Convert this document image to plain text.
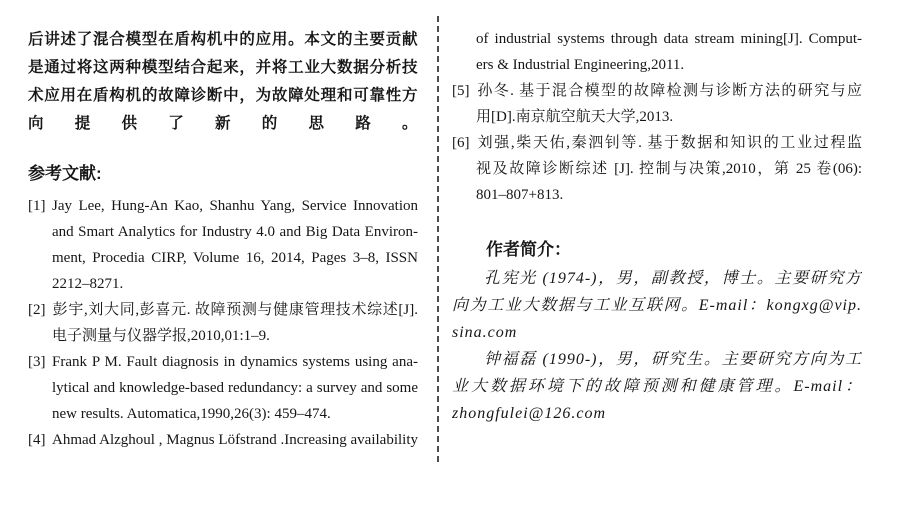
后讲述了混合模型在盾构机中的应用。本文的主要贡献
是通过将这两种模型结合起来，并将工业大数据分析技
术应用在盾构机的故障诊断中，为故障处理和可靠性方
向提供了新的思路。
参考文献:
[1] Jay Lee, Hung-An Kao, Shanhu Yang, Service Innovation
and Smart Analytics for Industry 4.0 and Big Data Environ-
ment, Procedia CIRP, Volume 16, 2014, Pages 3–8, ISSN
2212–8271.
[2] 彭宇,刘大同,彭喜元. 故障预测与健康管理技术综述[J].
电子测量与仪器学报,2010,01:1–9.
[3] Frank P M. Fault diagnosis in dynamics systems using ana-
lytical and knowledge-based redundancy: a survey and some
new results. Automatica,1990,26(3): 459–474.
[4] Ahmad Alzghoul , Magnus Löfstrand .Increasing availability
of industrial systems through data stream mining[J]. Comput-
ers & Industrial Engineering,2011.
[5] 孙冬. 基于混合模型的故障检测与诊断方法的研究与应
用[D].南京航空航天大学,2013.
[6] 刘强,柴天佑,秦泗钊等. 基于数据和知识的工业过程监
视及故障诊断综述 [J]. 控制与决策,2010，第 25 卷(06):
801–807+813.
作者简介：
孔宪光 (1974-)，男，副教授，博士。主要研究方
向为工业大数据与工业互联网。E-mail：kongxg@vip.
sina.com
钟福磊 (1990-)，男，研究生。主要研究方向为工
业大数据环境下的故障预测和健康管理。E-mail：
zhongfulei@126.com
